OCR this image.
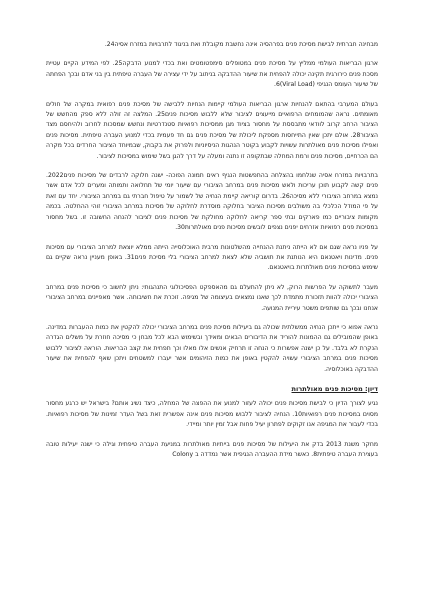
מבחינה חברתית לבישת מסיכת פנים בפרהסיה אינה נחשבת מקובלת ואת בניגוד לתרבויות במזרח אסיה24.

ארגון הבריאות העולמי ממליץ על מסיכת פנים במטופלים סימפטומטים ואת בכדי למנוע הדבקה25. לפי המידע הקיים עטיית מסכת פנים כירורגית תקינה יכולה להפחית את שיעור ההדבקה בניתוב על ידי עצירה של העברה טיפתית בין בני אדם ובכך הפחתה של שיעור העומס הנגיפי (Viral Load)6.

בעולם המערבי בהתאם להנחיות ארגון הבריאות העולמי קיימות הנחיות ללבישה של מסיכת פנים רפואית במקרה של חולים מאומתים. נראה שהמומחים הרפואיים מייעצים לציבור שלא ללבוש מסיכות פנים25. המלצה זה זולה ללא ספק מהחשש של הציבור הרחב קרוב לוודאי מתבססת על מחסור בציוד מגן ממסיכות רפואיות סטנדרטיות ונחשש שמסכות לחרוב ולהיחסם מצד הציבור28. אולם יתכן שאין התייחסות מספקת ליכולת של מסיכת פנים גם חד פעמית בכדי למנוע העברה טיפתית. מסיכות פנים ואפילו מסיכות פנים מאולתרות עשויות לקבוע בקוטר הנהגות הניסיוניות ולפרוק את בקבוק, שבמיוחד הציבור החרדים בכל מקרה הם הכרחיים, מסיכות פנים ורמת המחלה שבתקופה זו נתנה ומעלה על דרך להגן בשל שימוש במסיכות לציבור.

בתרבויות במזרח אסיה שנלחמו בהצלחה בהתפשטות הנגיף ראים תמונה הפוכה- ישנה חלוקה לרבדים של מסיכות פנים2022. פנים קשה לקבוע תוכן עריכות ולאש מסיכות פנים במרחב הציבורי עם שיעור יומי של תחלואה ותמותה ומערים לכל אדם אשר נמצא במרחב הציבורי ללא מסיכה26. בדרום קוריאה קיימת הנחיה של לשמור על טיפול חברתי גם במרחב הציבורי. יחד עם זאת על פי המודל הכלכלי בה משולבים מסיכות הציבור בחלוקה מוסדרת לחלוקה של מסיכות במרחב הציבורי זוהי ההחלטה. בכמה מקומות ציבוריים כמו פארקים ובתי ספר קריאה לחלוקה מחולקת של מסיכות פנים לציבור להנחה החשובה זו. בשל מחסור במסיכות פנים רפואיות אזרחים יפנים נצפים לובשים מסיכות פנים מאולתרות30.

על פניו נראה שגם אם לא הייתה ניתנת ההנחייה מהשלטונות מרבית האוכלוסייה הייתה ממלא יוצאת למרחב הציבורי עם מסיכות פנים. מדינות ויאטנאם היא הנותנת את תושביה שלא לצאת למרחב הציבורי בלי מסיכת פנים31. באופן מעניין נראה שקיים גם שימוש במסיכות פנים מאולתרות בויאטנאם.

מעבר לתשוקה על הפרשות הרוק, לא ניתן להתעלם גם מהאספקט הפסיכולוגי התנהגותי: ניתן לחשוב כי מסיכות פנים במרחב הציבורי יכולה להוות תזכורת מתמדת לכך שאנו נמצאים בעיצומה של מגיפה. זוכרת את חשיבותה. אשר מאפיינים במרחב הציבורי אנחנו ובכך גם שותפים משטר עיריית המנועה.

נראה אפוא כי ייתכן הנחיה ממשלתית שכולה גם ביעילות מסיכת פנים במרחב הציבורי יכולה להקטין את כמות ההעברות במדינה. באופן שהמובילים גם ההמונות להוריד את הדיבורים הבאים ומאידך ובשימוש הבא לכל מבחן כי מסיכה חוזרת על משלים הגדרה הנקרת לא בלבד. על כן ישנה אפשרות כי הנחה זו תרחיק אנשים אלו מאלו וכך תפחית את קצב הבריאות. הוראה לציבור ללבוש מסיכות פנים במרחב הציבורי עשויה להקטין באופן את כמות הזיהומים אשר יעברו למשטחים ויתכן שאף להפחית את שיעור ההדבקה באוכלוסיה.

דיון: מסיכות פנים מאולתרות

נגיע לצורך הדיון כי לבישת מסיכות פנים יכולה לעזור למנוע את ההפצה של המחלה, כיצד נשיג אותם? בישראל יש כרגע מחסור מסוים במסיכות פנים רפואיות10. הנחיה לציבור ללבוש מסיכות פנים אינה אפשרית זאת בשל העדר זמינות של מסיכות רפואיות. בכדי לעבור את המגיפה אנו זקוקים לפתרון יעיל פחות אבל זמין יותר ומיידי.

מחקר משנת 2013 בדק את היעילות של מסיכות פנים בייתיות מאולתרות במניעת העברה טיפתית וגילה כי ישנה יעילות טובה בעצירת העברה טיפתית8. כאשר מידת ההעברה הנגיפית אשר נמדדה ב Colony
